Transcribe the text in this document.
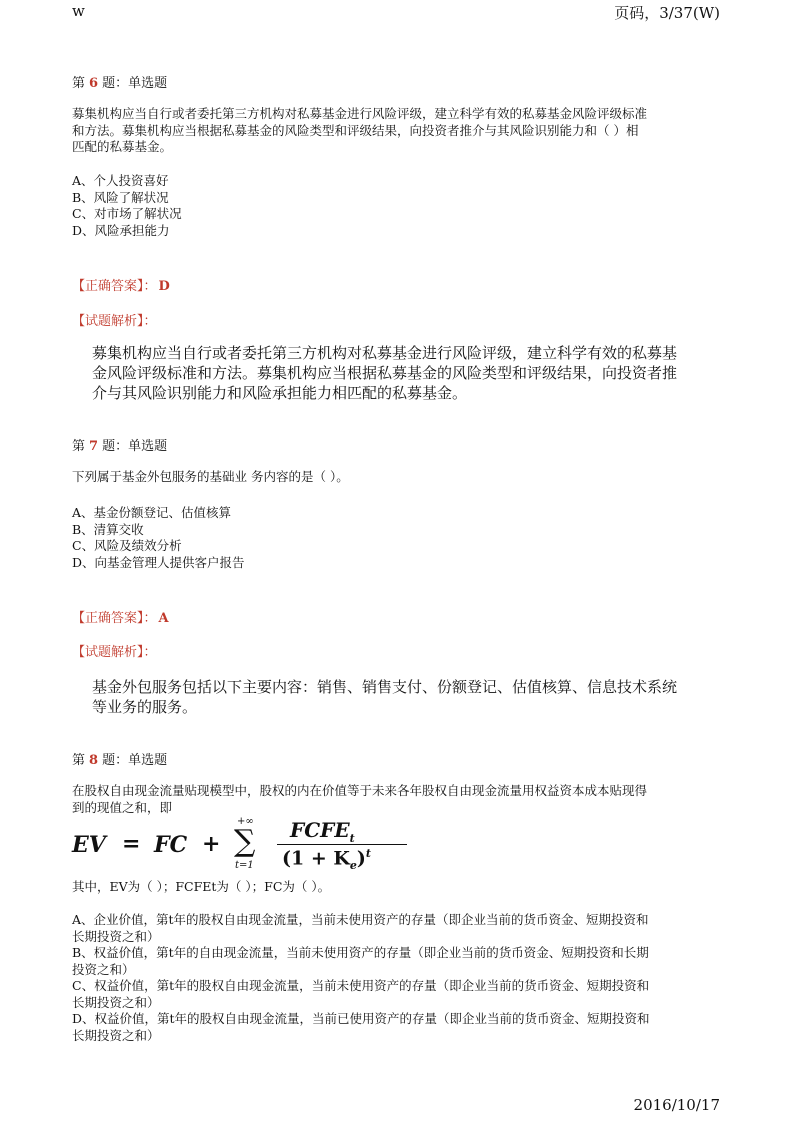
w	页码，3/37(W)
第 6 题：单选题
募集机构应当自行或者委托第三方机构对私募基金进行风险评级，建立科学有效的私募基金风险评级标准
和方法。募集机构应当根据私募基金的风险类型和评级结果，向投资者推介与其风险识别能力和（ ）相
匹配的私募基金。
A、个人投资喜好
B、风险了解状况
C、对市场了解状况
D、风险承担能力
【正确答案】： D
【试题解析】：
募集机构应当自行或者委托第三方机构对私募基金进行风险评级，建立科学有效的私募基
金风险评级标准和方法。募集机构应当根据私募基金的风险类型和评级结果，向投资者推
介与其风险识别能力和风险承担能力相匹配的私募基金。
第 7 题：单选题
下列属于基金外包服务的基础业 务内容的是（ ）。
A、基金份额登记、估值核算
B、清算交收
C、风险及绩效分析
D、向基金管理人提供客户报告
【正确答案】： A
【试题解析】：
基金外包服务包括以下主要内容：销售、销售支付、份额登记、估值核算、信息技术系统
等业务的服务。
第 8 题：单选题
在股权自由现金流量贴现模型中，股权的内在价值等于未来各年股权自由现金流量用权益资本成本贴现得
到的现值之和，即
EV = FC +
+∞
∑
t=1
$FCFE_t$
$(1 + K_e)^t$
其中，EV为（ ）；FCFEt为（ ）；FC为（ ）。
A、企业价值，第t年的股权自由现金流量，当前未使用资产的存量（即企业当前的货币资金、短期投资和
长期投资之和）
B、权益价值，第t年的自由现金流量，当前未使用资产的存量（即企业当前的货币资金、短期投资和长期
投资之和）
C、权益价值，第t年的股权自由现金流量，当前未使用资产的存量（即企业当前的货币资金、短期投资和
长期投资之和）
D、权益价值，第t年的股权自由现金流量，当前已使用资产的存量（即企业当前的货币资金、短期投资和
长期投资之和）
2016/10/17
